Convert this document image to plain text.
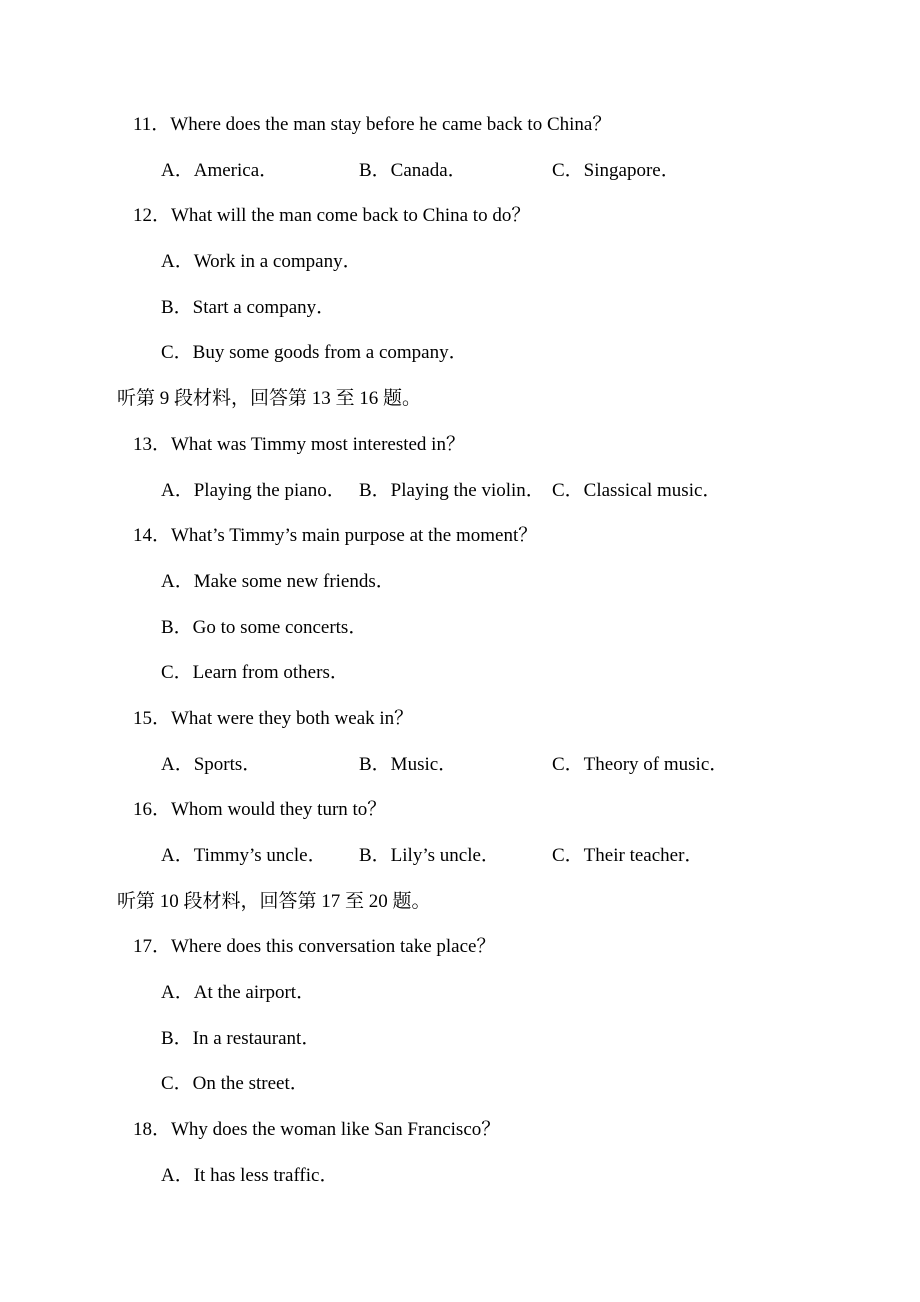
11．Where does the man stay before he came back to China？
A．America．	B．Canada．	C．Singapore．
12．What will the man come back to China to do？
A．Work in a company．
B．Start a company．
C．Buy some goods from a company．
听第 9 段材料，回答第 13 至 16 题。
13．What was Timmy most interested in？
A．Playing the piano． B．Playing the violin． C．Classical music．
14．What’s Timmy’s main purpose at the moment？
A．Make some new friends．
B．Go to some concerts．
C．Learn from others．
15．What were they both weak in？
A．Sports．	B．Music．	C．Theory of music．
16．Whom would they turn to？
A．Timmy’s uncle． B．Lily’s uncle．	C．Their teacher．
听第 10 段材料，回答第 17 至 20 题。
17．Where does this conversation take place？
A．At the airport．
B．In a restaurant．
C．On the street．
18．Why does the woman like San Francisco？
A．It has less traffic．
